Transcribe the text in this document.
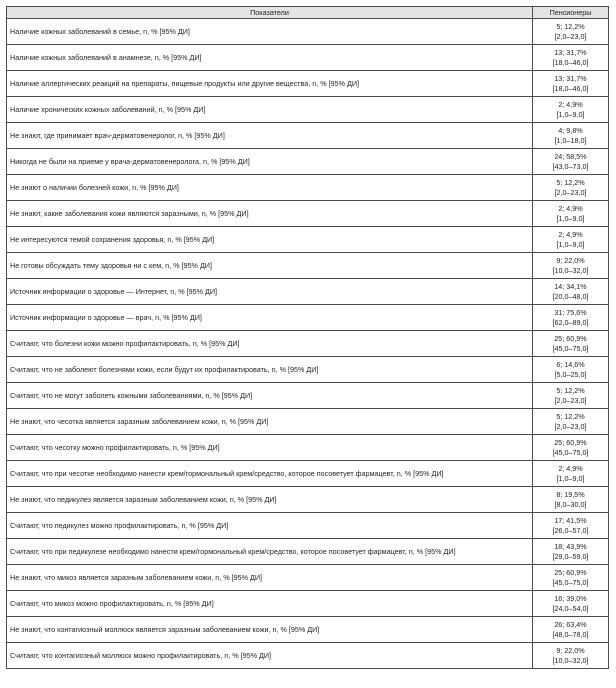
Показатели	Пенсионеры
Наличие кожных заболеваний в семье, n, % [95% ДИ]	5; 12,2%
[2,0–23,0]

Наличие кожных заболеваний в анамнезе, n, % [95% ДИ]	13; 31,7%
[18,0–46,0]

Наличие аллергических реакций на препараты, пищевые продукты или другие вещества, n, % [95% ДИ]	13; 31,7%
[18,0–46,0]

Наличие хронических кожных заболеваний, n, % [95% ДИ]	2; 4,9%
[1,0–9,0]

Не знают, где принимает врач-дерматовенеролог, n, % [95% ДИ]	4; 9,8%
[1,0–18,0]

Никогда не были на приеме у врача-дерматовенеролога, n, % [95% ДИ]	24; 58,5%
[43,0–73,0]

Не знают о наличии болезней кожи, n, % [95% ДИ]	5; 12,2%
[2,0–23,0]

Не знают, какие заболевания кожи являются заразными, n, % [95% ДИ]	2; 4,9%
[1,0–9,0]

Не интересуются темой сохранения здоровья, n, % [95% ДИ]	2; 4,9%
[1,0–9,0]

Не готовы обсуждать тему здоровья ни с кем, n, % [95% ДИ]	9; 22,0%
[10,0–32,0]

Источник информации о здоровье — Интернет, n, % [95% ДИ]	14; 34,1%
[20,0–48,0]

Источник информации о здоровье — врач, n, % [95% ДИ]	31; 75,6%
[62,0–89,0]

Считают, что болезни кожи можно профилактировать, n, % [95% ДИ]	25; 60,9%
[45,0–75,0]

Считают, что не заболеют болезнями кожи, если будут их профилактировать, n, % [95% ДИ]	6; 14,6%
[5,0–25,0]

Считают, что не могут заболеть кожными заболеваниями, n, % [95% ДИ]	5; 12,2%
[2,0–23,0]

Не знают, что чесотка является заразным заболеванием кожи, n, % [95% ДИ]	5; 12,2%
[2,0–23,0]

Считают, что чесотку можно профилактировать, n, % [95% ДИ]	25; 60,9%
[45,0–75,0]

Считают, что при чесотке необходимо нанести крем/гормональный крем/средство, которое посоветует фармацевт, n, % [95% ДИ]	2; 4,9%
[1,0–9,0]

Не знают, что педикулез является заразным заболеванием кожи, n, % [95% ДИ]	8; 19,5%
[8,0–30,0]

Считают, что педикулез можно профилактировать, n, % [95% ДИ]	17; 41,5%
[26,0–57,0]

Считают, что при педикулезе необходимо нанести крем/гормональный крем/средство, которое посоветует фармацевт, n, % [95% ДИ]	18; 43,9%
[29,0–59,0]

Не знают, что микоз является заразным заболеванием кожи, n, % [95% ДИ]	25; 60,9%
[45,0–75,0]

Считают, что микоз можно профилактировать, n, % [95% ДИ]	16; 39,0%
[24,0–54,0]

Не знают, что контагиозный моллюск является заразным заболеванием кожи, n, % [95% ДИ]	26; 63,4%
[48,0–78,0]

Считают, что контагиозный моллюск можно профилактировать, n, % [95% ДИ]	9; 22,0%
[10,0–32,0]
